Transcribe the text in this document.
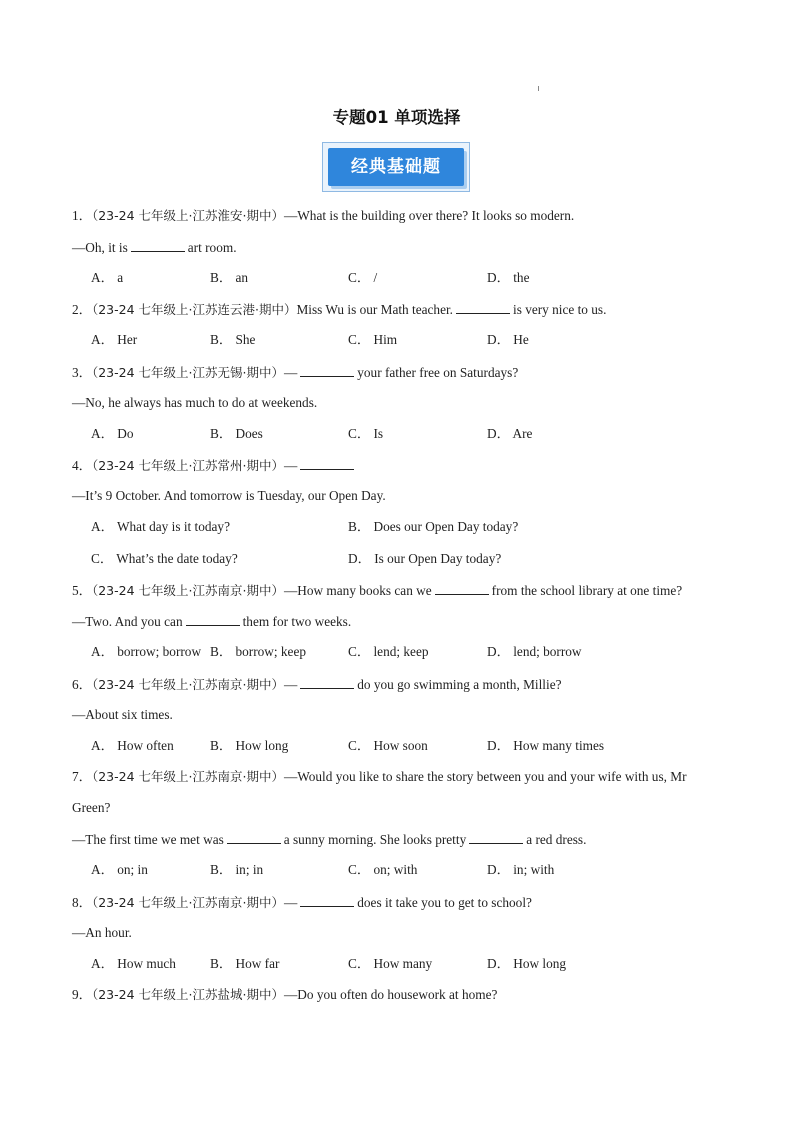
专题01 单项选择
经典基础题
1．（23-24 七年级上·江苏淮安·期中）—What is the building over there? It looks so modern.
—Oh, it is	art room.
A． a	B． an	C． /	D． the
2．（23-24 七年级上·江苏连云港·期中）Miss Wu is our Math teacher.	is very nice to us.
A． Her	B． She	C． Him	D． He
3．（23-24 七年级上·江苏无锡·期中）—	your father free on Saturdays?
—No, he always has much to do at weekends.
A． Do	B． Does	C． Is	D． Are
4．（23-24 七年级上·江苏常州·期中）—
—It’s 9 October. And tomorrow is Tuesday, our Open Day.
A． What day is it today?	B． Does our Open Day today?
C． What’s the date today?	D． Is our Open Day today?
5．（23-24 七年级上·江苏南京·期中）—How many books can we	from the school library at one time?
—Two. And you can	them for two weeks.
A． borrow; borrow B． borrow; keep	C． lend; keep	D． lend; borrow
6．（23-24 七年级上·江苏南京·期中）—	do you go swimming a month, Millie?
—About six times.
A． How often	B． How long	C． How soon	D． How many times
7．（23-24 七年级上·江苏南京·期中）—Would you like to share the story between you and your wife with us, Mr
Green?
—The first time we met was	a sunny morning. She looks pretty	a red dress.
A． on; in	B． in; in	C． on; with	D． in; with
8．（23-24 七年级上·江苏南京·期中）—	does it take you to get to school?
—An hour.
A． How much	B． How far	C． How many	D． How long
9．（23-24 七年级上·江苏盐城·期中）—Do you often do housework at home?
